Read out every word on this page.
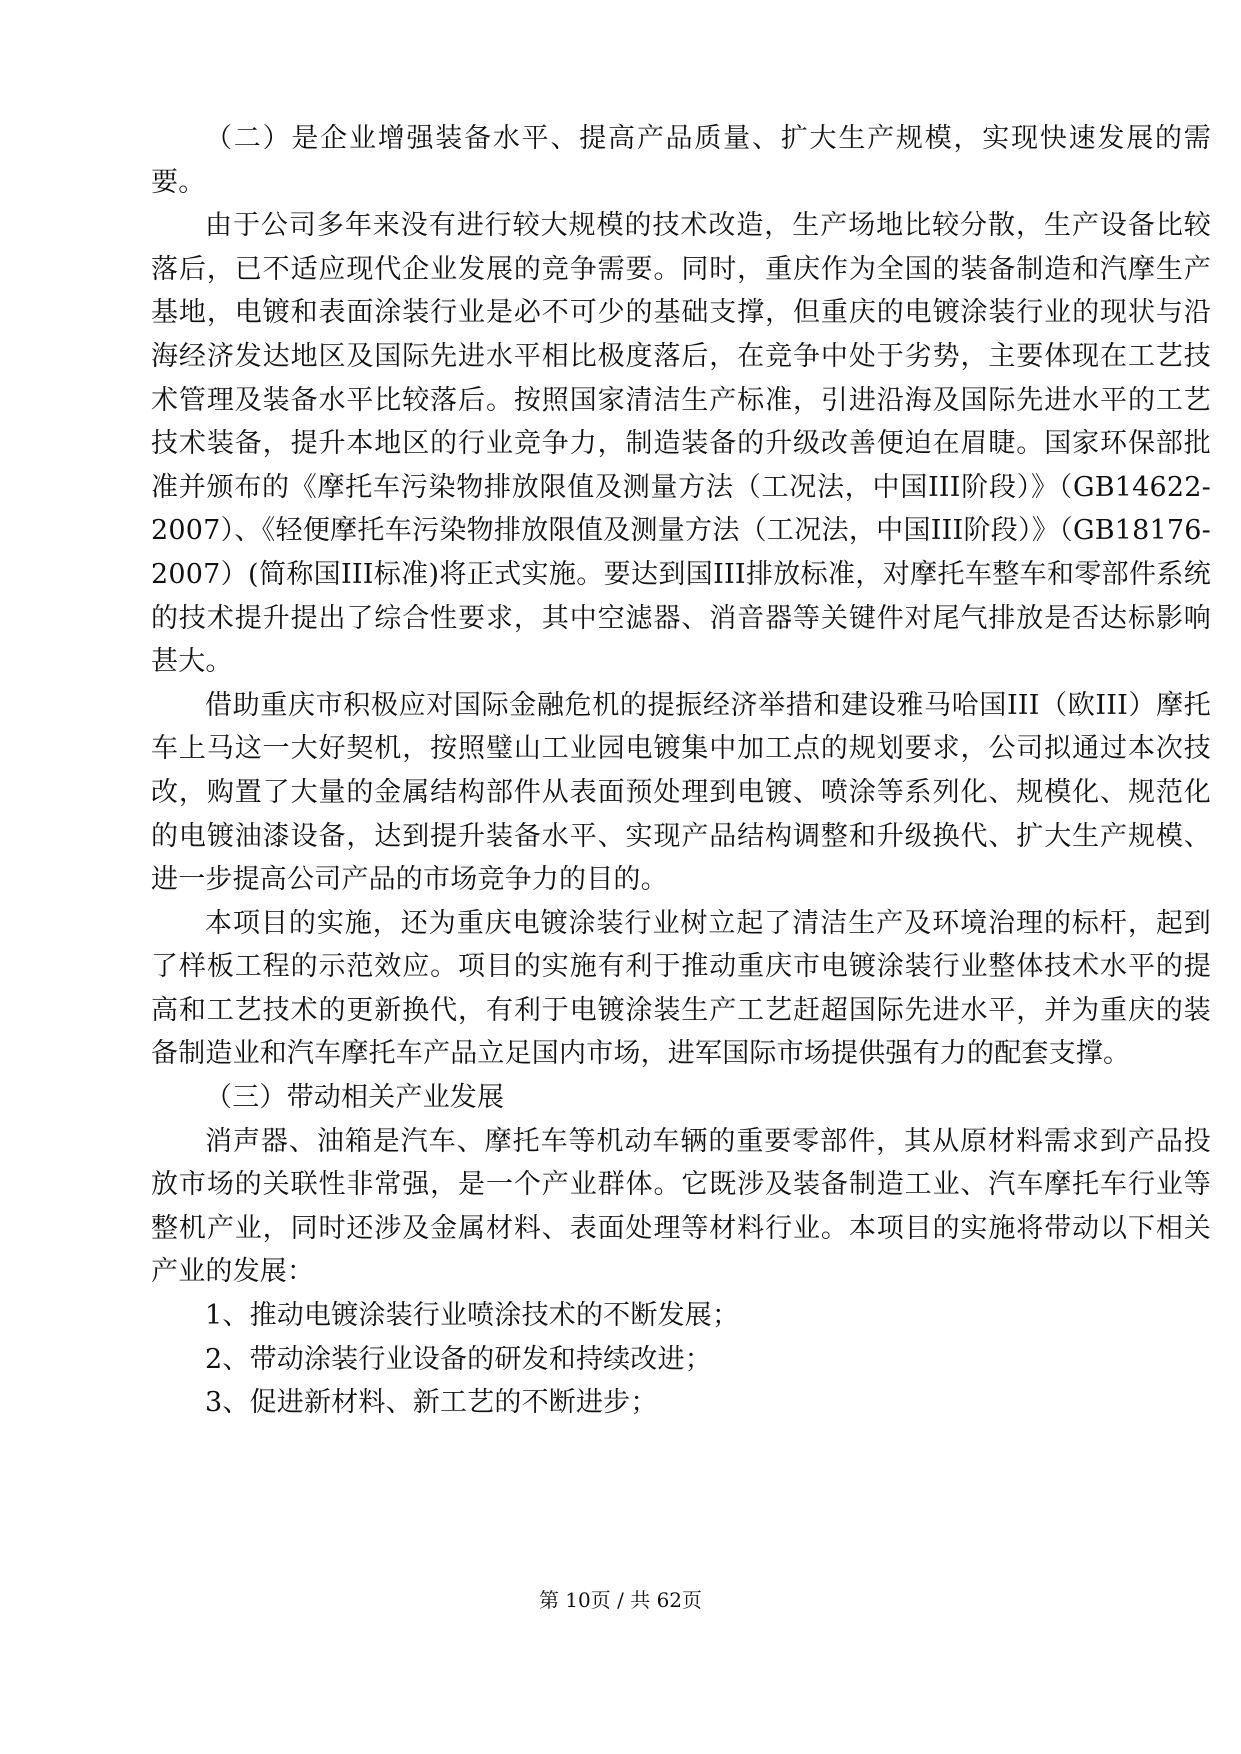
（二）是企业增强装备水平、提高产品质量、扩大生产规模，实现快速发展的需要。

由于公司多年来没有进行较大规模的技术改造，生产场地比较分散，生产设备比较落后，已不适应现代企业发展的竞争需要。同时，重庆作为全国的装备制造和汽摩生产基地，电镀和表面涂装行业是必不可少的基础支撑，但重庆的电镀涂装行业的现状与沿海经济发达地区及国际先进水平相比极度落后，在竞争中处于劣势，主要体现在工艺技术管理及装备水平比较落后。按照国家清洁生产标准，引进沿海及国际先进水平的工艺技术装备，提升本地区的行业竞争力，制造装备的升级改善便迫在眉睫。国家环保部批准并颁布的《摩托车污染物排放限值及测量方法（工况法，中国III阶段）》（GB14622-2007）、《轻便摩托车污染物排放限值及测量方法（工况法，中国III阶段）》（GB18176-2007）(简称国III标准)将正式实施。要达到国III排放标准，对摩托车整车和零部件系统的技术提升提出了综合性要求，其中空滤器、消音器等关键件对尾气排放是否达标影响甚大。

借助重庆市积极应对国际金融危机的提振经济举措和建设雅马哈国III（欧III）摩托车上马这一大好契机，按照璧山工业园电镀集中加工点的规划要求，公司拟通过本次技改，购置了大量的金属结构部件从表面预处理到电镀、喷涂等系列化、规模化、规范化的电镀油漆设备，达到提升装备水平、实现产品结构调整和升级换代、扩大生产规模、进一步提高公司产品的市场竞争力的目的。

本项目的实施，还为重庆电镀涂装行业树立起了清洁生产及环境治理的标杆，起到了样板工程的示范效应。项目的实施有利于推动重庆市电镀涂装行业整体技术水平的提高和工艺技术的更新换代，有利于电镀涂装生产工艺赶超国际先进水平，并为重庆的装备制造业和汽车摩托车产品立足国内市场，进军国际市场提供强有力的配套支撑。

（三）带动相关产业发展

消声器、油箱是汽车、摩托车等机动车辆的重要零部件，其从原材料需求到产品投放市场的关联性非常强，是一个产业群体。它既涉及装备制造工业、汽车摩托车行业等整机产业，同时还涉及金属材料、表面处理等材料行业。本项目的实施将带动以下相关产业的发展：

1、推动电镀涂装行业喷涂技术的不断发展；

2、带动涂装行业设备的研发和持续改进；

3、促进新材料、新工艺的不断进步；

第 10页 / 共 62页
